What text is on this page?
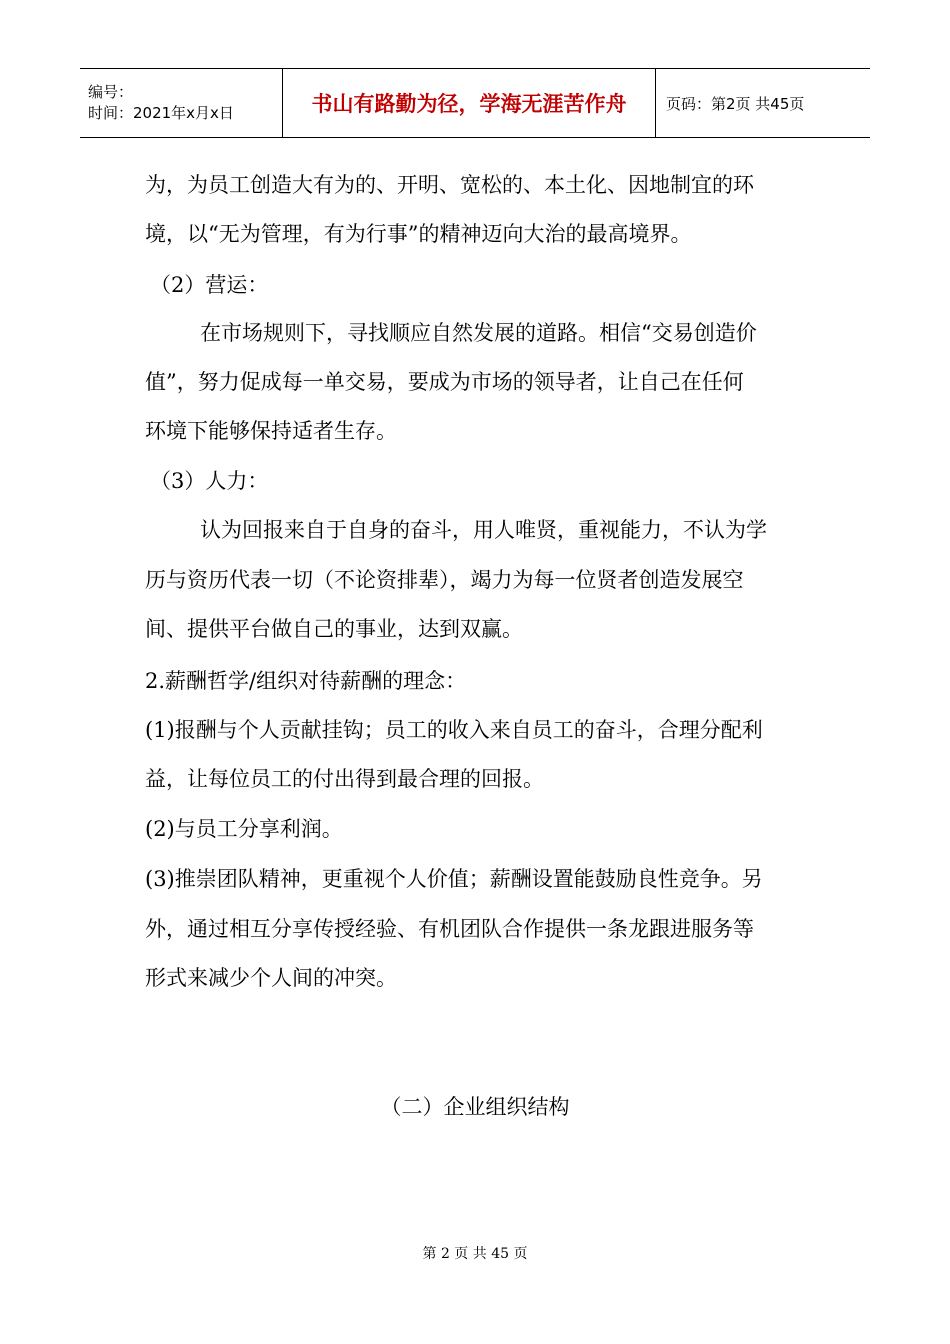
编号：
时间：2021年x月x日	书山有路勤为径，学海无涯苦作舟	页码：第2页 共45页
为，为员工创造大有为的、开明、宽松的、本土化、因地制宜的环
境，以“无为管理，有为行事”的精神迈向大治的最高境界。
（2）营运：
在市场规则下，寻找顺应自然发展的道路。相信“交易创造价
值”，努力促成每一单交易，要成为市场的领导者，让自己在任何
环境下能够保持适者生存。
（3）人力：
认为回报来自于自身的奋斗，用人唯贤，重视能力，不认为学
历与资历代表一切（不论资排辈），竭力为每一位贤者创造发展空
间、提供平台做自己的事业，达到双赢。
2.薪酬哲学/组织对待薪酬的理念：
(1)报酬与个人贡献挂钩；员工的收入来自员工的奋斗，合理分配利
益，让每位员工的付出得到最合理的回报。
(2)与员工分享利润。
(3)推崇团队精神，更重视个人价值；薪酬设置能鼓励良性竞争。另
外，通过相互分享传授经验、有机团队合作提供一条龙跟进服务等
形式来减少个人间的冲突。
（二）企业组织结构
第 2 页 共 45 页
